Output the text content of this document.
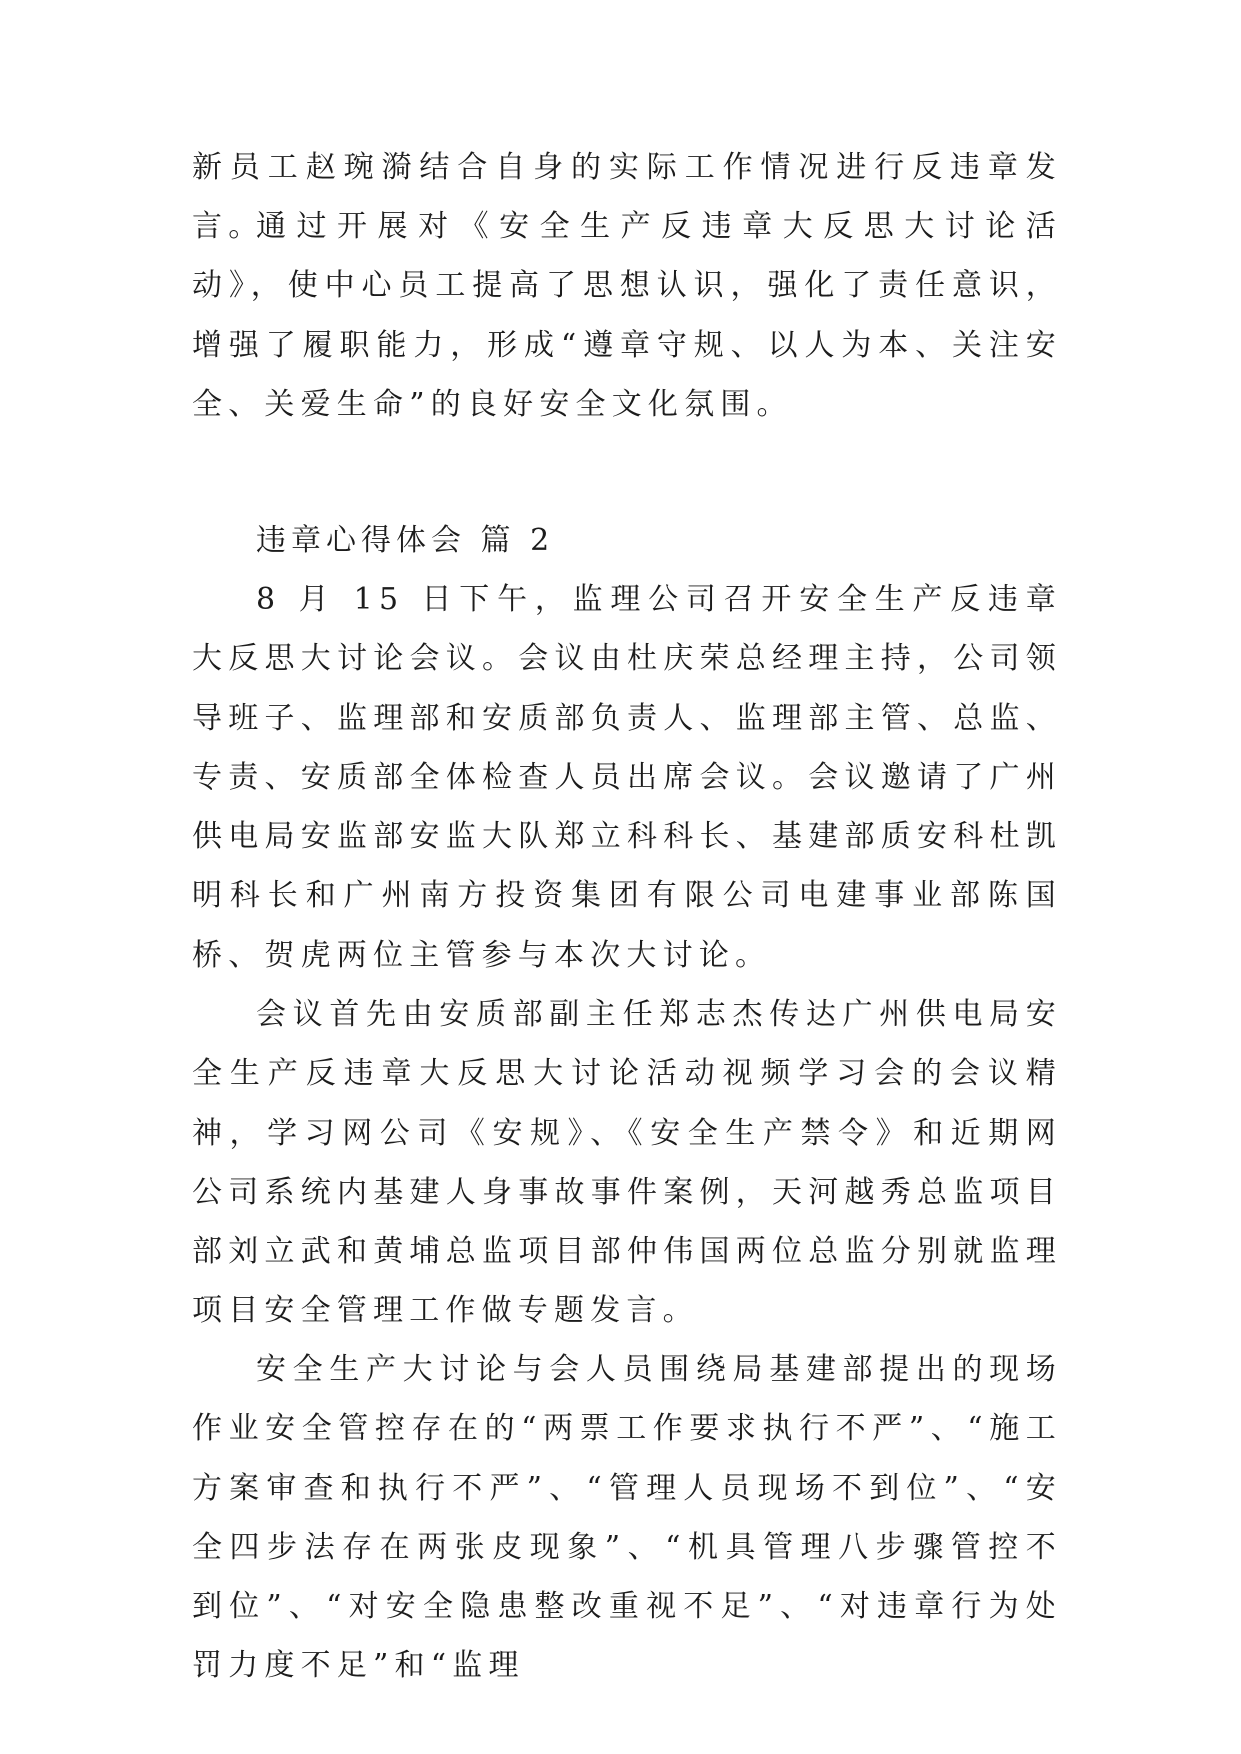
新员工赵琬漪结合自身的实际工作情况进行反违章发言。

通过开展对《安全生产反违章大反思大讨论活动》，使中心员工提高了思想认识，强化了责任意识，增强了履职能力，形成“遵章守规、以人为本、关注安全、关爱生命”的良好安全文化氛围。

违章心得体会 篇 2

8 月 15 日下午，监理公司召开安全生产反违章大反思大讨论会议。会议由杜庆荣总经理主持，公司领导班子、监理部和安质部负责人、监理部主管、总监、专责、安质部全体检查人员出席会议。会议邀请了广州供电局安监部安监大队郑立科科长、基建部质安科杜凯明科长和广州南方投资集团有限公司电建事业部陈国桥、贺虎两位主管参与本次大讨论。

会议首先由安质部副主任郑志杰传达广州供电局安全生产反违章大反思大讨论活动视频学习会的会议精神，学习网公司《安规》、《安全生产禁令》和近期网公司系统内基建人身事故事件案例，天河越秀总监项目部刘立武和黄埔总监项目部仲伟国两位总监分别就监理项目安全管理工作做专题发言。

安全生产大讨论与会人员围绕局基建部提出的现场作业安全管控存在的“两票工作要求执行不严”、“施工方案审查和执行不严”、“管理人员现场不到位”、“安全四步法存在两张皮现象”、“机具管理八步骤管控不到位”、“对安全隐患整改重视不足”、“对违章行为处罚力度不足”和“监理
